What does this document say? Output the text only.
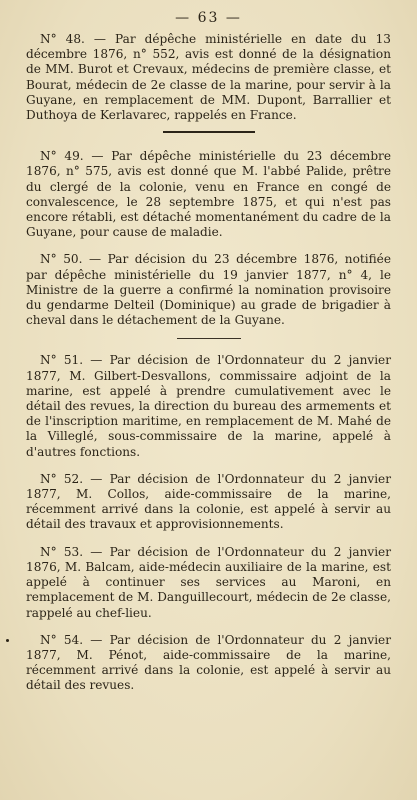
— 63 —

N° 48. — Par dépêche ministérielle en date du 13 décembre 1876, n° 552, avis est donné de la désignation de MM. Burot et Crevaux, médecins de première classe, et Bourat, médecin de 2e classe de la marine, pour servir à la Guyane, en remplacement de MM. Dupont, Barrallier et Duthoya de Kerlavarec, rappelés en France.

N° 49. — Par dépêche ministérielle du 23 décembre 1876, n° 575, avis est donné que M. l'abbé Palide, prêtre du clergé de la colonie, venu en France en congé de convalescence, le 28 septembre 1875, et qui n'est pas encore rétabli, est détaché momentanément du cadre de la Guyane, pour cause de maladie.

N° 50. — Par décision du 23 décembre 1876, notifiée par dépêche ministérielle du 19 janvier 1877, n° 4, le Ministre de la guerre a confirmé la nomination provisoire du gendarme Delteil (Dominique) au grade de brigadier à cheval dans le détachement de la Guyane.

N° 51. — Par décision de l'Ordonnateur du 2 janvier 1877, M. Gilbert-Desvallons, commissaire adjoint de la marine, est appelé à prendre cumulativement avec le détail des revues, la direction du bureau des armements et de l'inscription maritime, en remplacement de M. Mahé de la Villeglé, sous-commissaire de la marine, appelé à d'autres fonctions.

N° 52. — Par décision de l'Ordonnateur du 2 janvier 1877, M. Collos, aide-commissaire de la marine, récemment arrivé dans la colonie, est appelé à servir au détail des travaux et approvisionnements.

N° 53. — Par décision de l'Ordonnateur du 2 janvier 1876, M. Balcam, aide-médecin auxiliaire de la marine, est appelé à continuer ses services au Maroni, en remplacement de M. Danguillecourt, médecin de 2e classe, rappelé au chef-lieu.

N° 54. — Par décision de l'Ordonnateur du 2 janvier 1877, M. Pénot, aide-commissaire de la marine, récemment arrivé dans la colonie, est appelé à servir au détail des revues.
